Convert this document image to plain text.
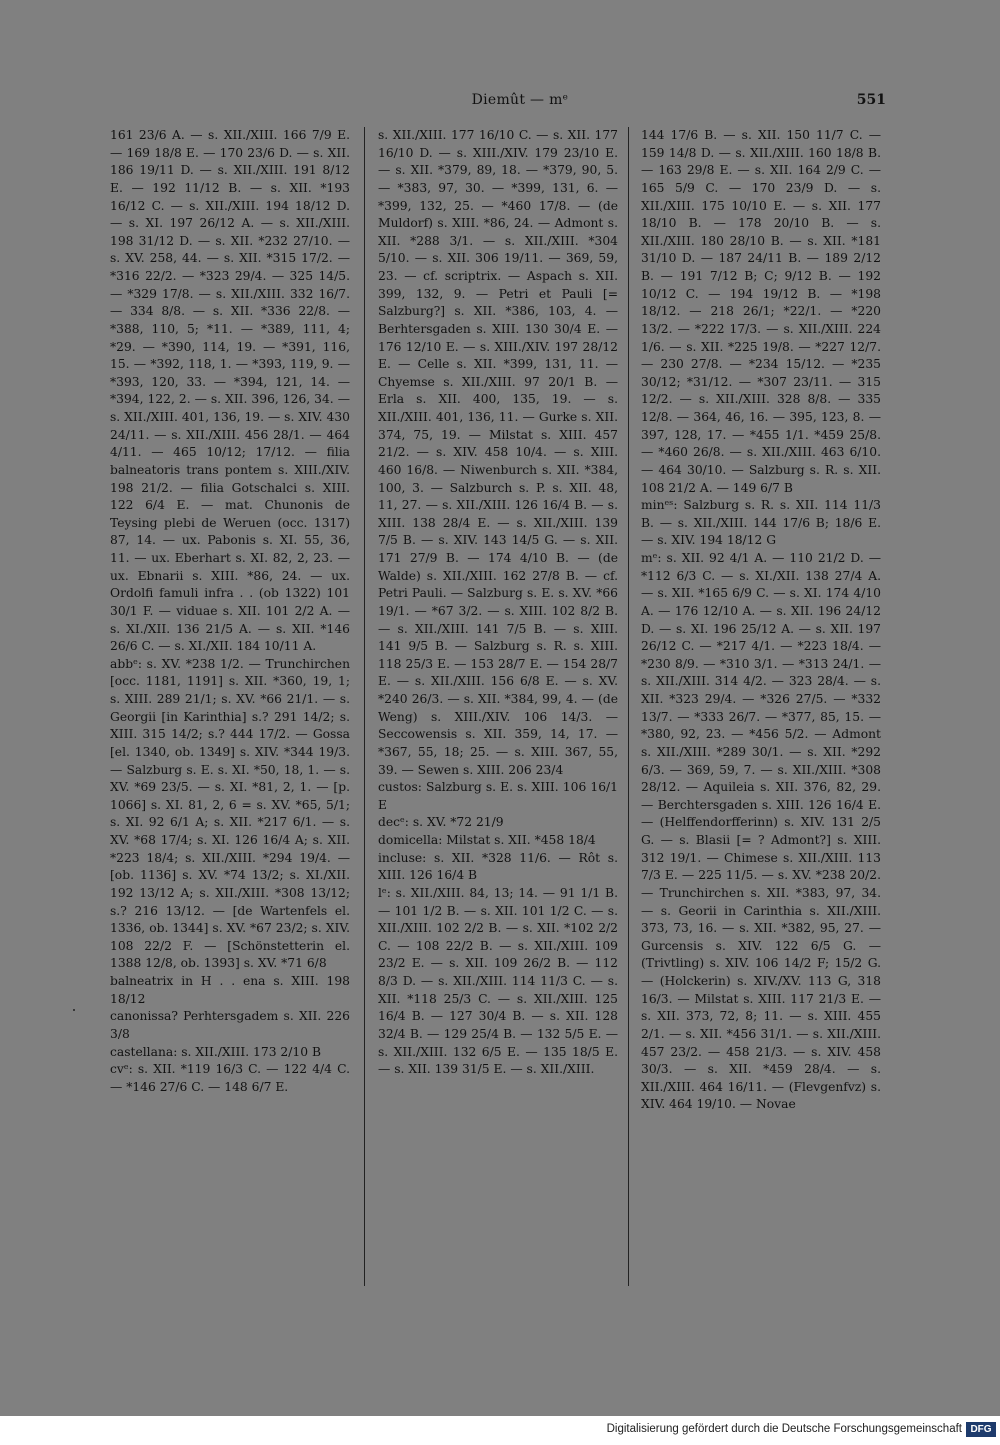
Diemût — mᵉ	551

161 23/6 A. — s. XII./XIII. 166 7/9 E. — 169 18/8 E. — 170 23/6 D. — s. XII. 186 19/11 D. — s. XII./XIII. 191 8/12 E. — 192 11/12 B. — s. XII. *193 16/12 C. — s. XII./XIII. 194 18/12 D. — s. XI. 197 26/12 A. — s. XII./XIII. 198 31/12 D. — s. XII. *232 27/10. — s. XV. 258, 44. — s. XII. *315 17/2. — *316 22/2. — *323 29/4. — 325 14/5. — *329 17/8. — s. XII./XIII. 332 16/7. — 334 8/8. — s. XII. *336 22/8. — *388, 110, 5; *11. — *389, 111, 4; *29. — *390, 114, 19. — *391, 116, 15. — *392, 118, 1. — *393, 119, 9. — *393, 120, 33. — *394, 121, 14. — *394, 122, 2. — s. XII. 396, 126, 34. — s. XII./XIII. 401, 136, 19. — s. XIV. 430 24/11. — s. XII./XIII. 456 28/1. — 464 4/11. — 465 10/12; 17/12. — filia balneatoris trans pontem s. XIII./XIV. 198 21/2. — filia Gotschalci s. XIII. 122 6/4 E. — mat. Chunonis de Teysing plebi de Weruen (occ. 1317) 87, 14. — ux. Pabonis s. XI. 55, 36, 11. — ux. Eberhart s. XI. 82, 2, 23. — ux. Ebnarii s. XIII. *86, 24. — ux. Ordolfi famuli infra . . (ob 1322) 101 30/1 F. — viduae s. XII. 101 2/2 A. — s. XI./XII. 136 21/5 A. — s. XII. *146 26/6 C. — s. XI./XII. 184 10/11 A.

abbᵉ: s. XV. *238 1/2. — Trunchirchen [occ. 1181, 1191] s. XII. *360, 19, 1; s. XIII. 289 21/1; s. XV. *66 21/1. — s. Georgii [in Karinthia] s.? 291 14/2; s. XIII. 315 14/2; s.? 444 17/2. — Gossa [el. 1340, ob. 1349] s. XIV. *344 19/3. — Salzburg s. E. s. XI. *50, 18, 1. — s. XV. *69 23/5. — s. XI. *81, 2, 1. — [p. 1066] s. XI. 81, 2, 6 = s. XV. *65, 5/1; s. XI. 92 6/1 A; s. XII. *217 6/1. — s. XV. *68 17/4; s. XI. 126 16/4 A; s. XII. *223 18/4; s. XII./XIII. *294 19/4. — [ob. 1136] s. XV. *74 13/2; s. XI./XII. 192 13/12 A; s. XII./XIII. *308 13/12; s.? 216 13/12. — [de Wartenfels el. 1336, ob. 1344] s. XV. *67 23/2; s. XIV. 108 22/2 F. — [Schönstetterin el. 1388 12/8, ob. 1393] s. XV. *71 6/8

balneatrix in H . . ena s. XIII. 198 18/12

canonissa? Perhtersgadem s. XII. 226 3/8

castellana: s. XII./XIII. 173 2/10 B

cvᵉ: s. XII. *119 16/3 C. — 122 4/4 C. — *146 27/6 C. — 148 6/7 E.

s. XII./XIII. 177 16/10 C. — s. XII. 177 16/10 D. — s. XIII./XIV. 179 23/10 E. — s. XII. *379, 89, 18. — *379, 90, 5. — *383, 97, 30. — *399, 131, 6. — *399, 132, 25. — *460 17/8. — (de Muldorf) s. XIII. *86, 24. — Admont s. XII. *288 3/1. — s. XII./XIII. *304 5/10. — s. XII. 306 19/11. — 369, 59, 23. — cf. scriptrix. — Aspach s. XII. 399, 132, 9. — Petri et Pauli [= Salzburg?] s. XII. *386, 103, 4. — Berhtersgaden s. XIII. 130 30/4 E. — 176 12/10 E. — s. XIII./XIV. 197 28/12 E. — Celle s. XII. *399, 131, 11. — Chyemse s. XII./XIII. 97 20/1 B. — Erla s. XII. 400, 135, 19. — s. XII./XIII. 401, 136, 11. — Gurke s. XII. 374, 75, 19. — Milstat s. XIII. 457 21/2. — s. XIV. 458 10/4. — s. XIII. 460 16/8. — Niwenburch s. XII. *384, 100, 3. — Salzburch s. P. s. XII. 48, 11, 27. — s. XII./XIII. 126 16/4 B. — s. XIII. 138 28/4 E. — s. XII./XIII. 139 7/5 B. — s. XIV. 143 14/5 G. — s. XII. 171 27/9 B. — 174 4/10 B. — (de Walde) s. XII./XIII. 162 27/8 B. — cf. Petri Pauli. — Salzburg s. E. s. XV. *66 19/1. — *67 3/2. — s. XIII. 102 8/2 B. — s. XII./XIII. 141 7/5 B. — s. XIII. 141 9/5 B. — Salzburg s. R. s. XIII. 118 25/3 E. — 153 28/7 E. — 154 28/7 E. — s. XII./XIII. 156 6/8 E. — s. XV. *240 26/3. — s. XII. *384, 99, 4. — (de Weng) s. XIII./XIV. 106 14/3. — Seccowensis s. XII. 359, 14, 17. — *367, 55, 18; 25. — s. XIII. 367, 55, 39. — Sewen s. XIII. 206 23/4

custos: Salzburg s. E. s. XIII. 106 16/1 E

decᵉ: s. XV. *72 21/9

domicella: Milstat s. XII. *458 18/4

incluse: s. XII. *328 11/6. — Rôt s. XIII. 126 16/4 B

lᵉ: s. XII./XIII. 84, 13; 14. — 91 1/1 B. — 101 1/2 B. — s. XII. 101 1/2 C. — s. XII./XIII. 102 2/2 B. — s. XII. *102 2/2 C. — 108 22/2 B. — s. XII./XIII. 109 23/2 E. — s. XII. 109 26/2 B. — 112 8/3 D. — s. XII./XIII. 114 11/3 C. — s. XII. *118 25/3 C. — s. XII./XIII. 125 16/4 B. — 127 30/4 B. — s. XII. 128 32/4 B. — 129 25/4 B. — 132 5/5 E. — s. XII./XIII. 132 6/5 E. — 135 18/5 E. — s. XII. 139 31/5 E. — s. XII./XIII.

144 17/6 B. — s. XII. 150 11/7 C. — 159 14/8 D. — s. XII./XIII. 160 18/8 B. — 163 29/8 E. — s. XII. 164 2/9 C. — 165 5/9 C. — 170 23/9 D. — s. XII./XIII. 175 10/10 E. — s. XII. 177 18/10 B. — 178 20/10 B. — s. XII./XIII. 180 28/10 B. — s. XII. *181 31/10 D. — 187 24/11 B. — 189 2/12 B. — 191 7/12 B; C; 9/12 B. — 192 10/12 C. — 194 19/12 B. — *198 18/12. — 218 26/1; *22/1. — *220 13/2. — *222 17/3. — s. XII./XIII. 224 1/6. — s. XII. *225 19/8. — *227 12/7. — 230 27/8. — *234 15/12. — *235 30/12; *31/12. — *307 23/11. — 315 12/2. — s. XII./XIII. 328 8/8. — 335 12/8. — 364, 46, 16. — 395, 123, 8. — 397, 128, 17. — *455 1/1. *459 25/8. — *460 26/8. — s. XII./XIII. 463 6/10. — 464 30/10. — Salzburg s. R. s. XII. 108 21/2 A. — 149 6/7 B

minᵉˢ: Salzburg s. R. s. XII. 114 11/3 B. — s. XII./XIII. 144 17/6 B; 18/6 E. — s. XIV. 194 18/12 G

mᵉ: s. XII. 92 4/1 A. — 110 21/2 D. — *112 6/3 C. — s. XI./XII. 138 27/4 A. — s. XII. *165 6/9 C. — s. XI. 174 4/10 A. — 176 12/10 A. — s. XII. 196 24/12 D. — s. XI. 196 25/12 A. — s. XII. 197 26/12 C. — *217 4/1. — *223 18/4. — *230 8/9. — *310 3/1. — *313 24/1. — s. XII./XIII. 314 4/2. — 323 28/4. — s. XII. *323 29/4. — *326 27/5. — *332 13/7. — *333 26/7. — *377, 85, 15. — *380, 92, 23. — *456 5/2. — Admont s. XII./XIII. *289 30/1. — s. XII. *292 6/3. — 369, 59, 7. — s. XII./XIII. *308 28/12. — Aquileia s. XII. 376, 82, 29. — Berchtersgaden s. XIII. 126 16/4 E. — (Helffendorfferinn) s. XIV. 131 2/5 G. — s. Blasii [= ? Admont?] s. XIII. 312 19/1. — Chimese s. XII./XIII. 113 7/3 E. — 225 11/5. — s. XV. *238 20/2. — Trunchirchen s. XII. *383, 97, 34. — s. Georii in Carinthia s. XII./XIII. 373, 73, 16. — s. XII. *382, 95, 27. — Gurcensis s. XIV. 122 6/5 G. — (Trivtling) s. XIV. 106 14/2 F; 15/2 G. — (Holckerin) s. XIV./XV. 113 G, 318 16/3. — Milstat s. XIII. 117 21/3 E. — s. XII. 373, 72, 8; 11. — s. XIII. 455 2/1. — s. XII. *456 31/1. — s. XII./XIII. 457 23/2. — 458 21/3. — s. XIV. 458 30/3. — s. XII. *459 28/4. — s. XII./XIII. 464 16/11. — (Flevgenfvz) s. XIV. 464 19/10. — Novae

Digitalisierung gefördert durch die Deutsche Forschungsgemeinschaft DFG
